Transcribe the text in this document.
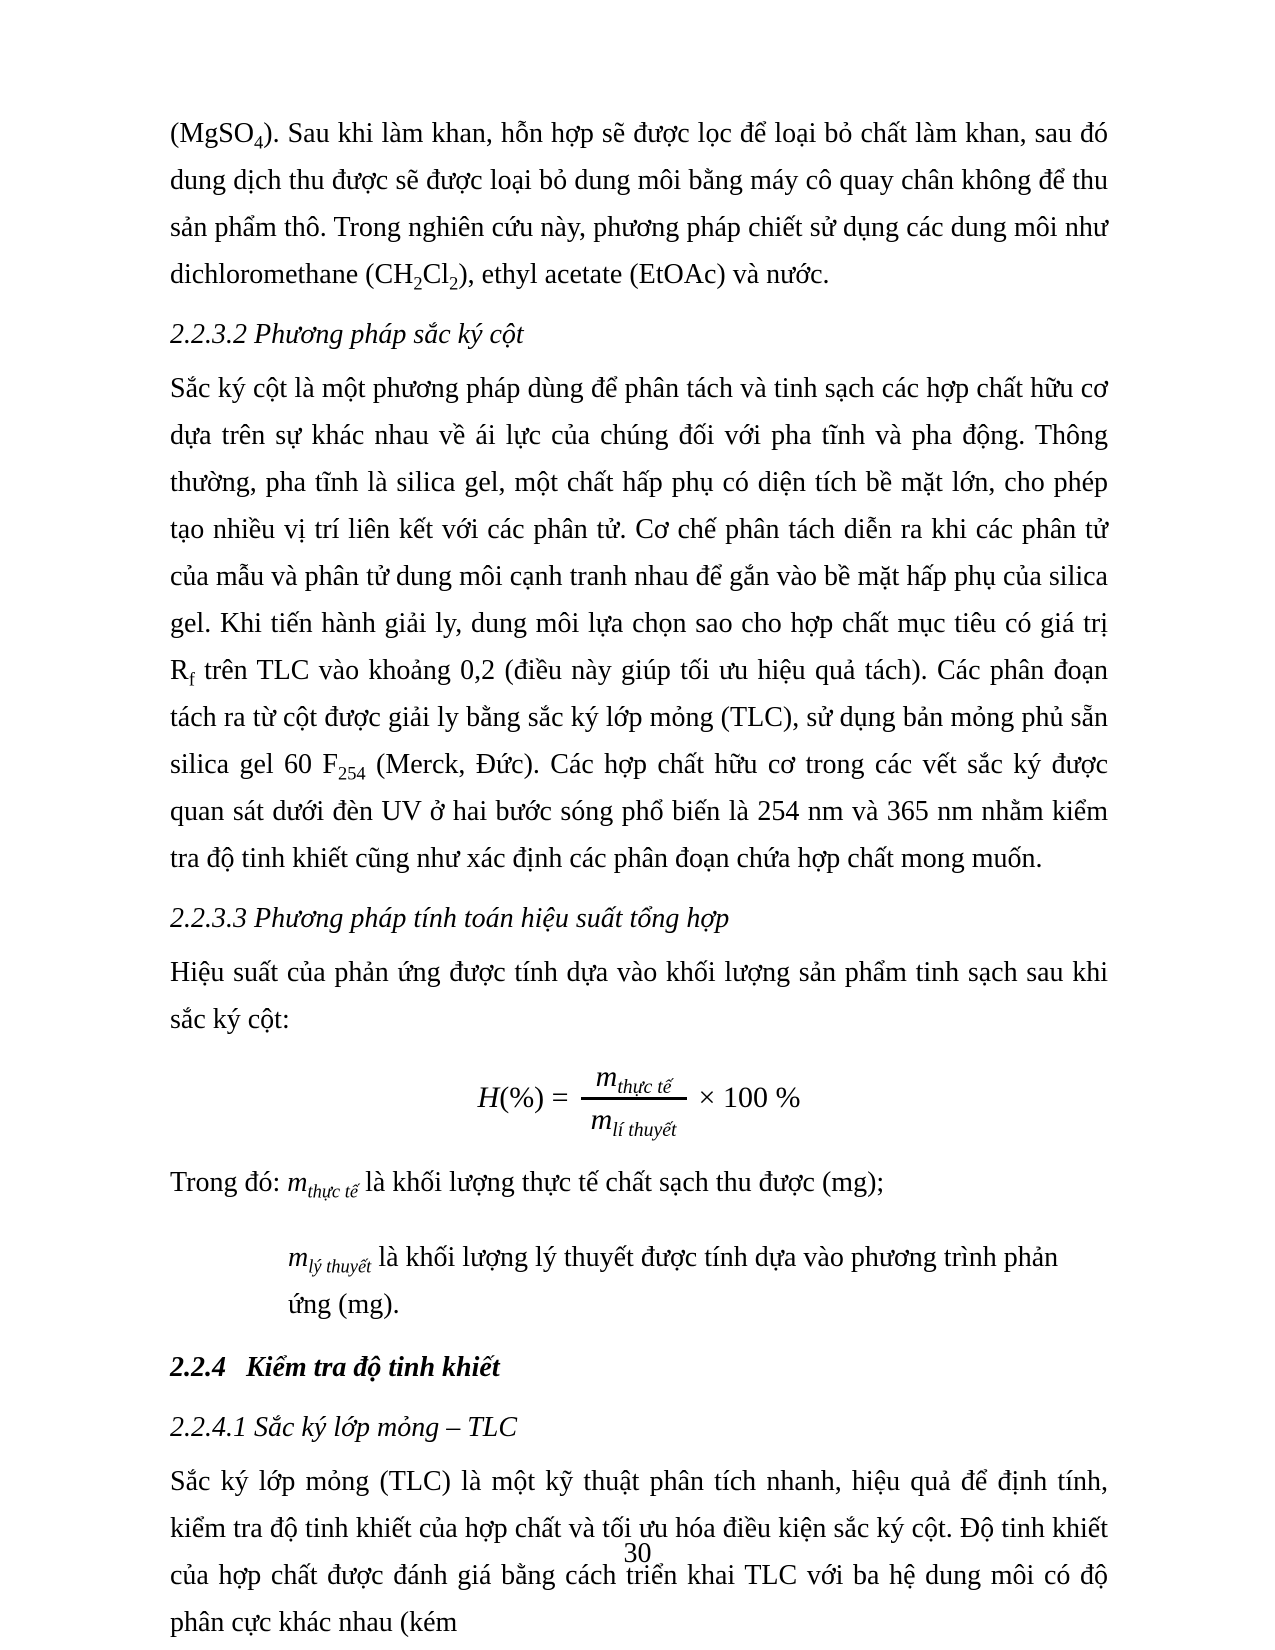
(MgSO$_4$). Sau khi làm khan, hỗn hợp sẽ được lọc để loại bỏ chất làm khan, sau đó dung dịch thu được sẽ được loại bỏ dung môi bằng máy cô quay chân không để thu sản phẩm thô. Trong nghiên cứu này, phương pháp chiết sử dụng các dung môi như dichloromethane $(CH_2Cl_2)$, ethyl acetate (EtOAc) và nước.

2.2.3.2 Phương pháp sắc ký cột

Sắc ký cột là một phương pháp dùng để phân tách và tinh sạch các hợp chất hữu cơ dựa trên sự khác nhau về ái lực của chúng đối với pha tĩnh và pha động. Thông thường, pha tĩnh là silica gel, một chất hấp phụ có diện tích bề mặt lớn, cho phép tạo nhiều vị trí liên kết với các phân tử. Cơ chế phân tách diễn ra khi các phân tử của mẫu và phân tử dung môi cạnh tranh nhau để gắn vào bề mặt hấp phụ của silica gel. Khi tiến hành giải ly, dung môi lựa chọn sao cho hợp chất mục tiêu có giá trị $R_f$ trên TLC vào khoảng 0,2 (điều này giúp tối ưu hiệu quả tách). Các phân đoạn tách ra từ cột được giải ly bằng sắc ký lớp mỏng (TLC), sử dụng bản mỏng phủ sẵn silica gel 60 $F_{254}$ (Merck, Đức). Các hợp chất hữu cơ trong các vết sắc ký được quan sát dưới đèn UV ở hai bước sóng phổ biến là 254 nm và 365 nm nhằm kiểm tra độ tinh khiết cũng như xác định các phân đoạn chứa hợp chất mong muốn.

2.2.3.3 Phương pháp tính toán hiệu suất tổng hợp

Hiệu suất của phản ứng được tính dựa vào khối lượng sản phẩm tinh sạch sau khi sắc ký cột:

$H(\%) = \frac{m_{thực tế}}{m_{lí thuyết}} \times 100$ %

Trong đó: $m_{thực tế}$ là khối lượng thực tế chất sạch thu được (mg);

$m_{lý thuyết}$ là khối lượng lý thuyết được tính dựa vào phương trình phản ứng (mg).

2.2.4 Kiểm tra độ tinh khiết
2.2.4.1 Sắc ký lớp mỏng – TLC

Sắc ký lớp mỏng (TLC) là một kỹ thuật phân tích nhanh, hiệu quả để định tính, kiểm tra độ tinh khiết của hợp chất và tối ưu hóa điều kiện sắc ký cột. Độ tinh khiết của hợp chất được đánh giá bằng cách triển khai TLC với ba hệ dung môi có độ phân cực khác nhau (kém

30
